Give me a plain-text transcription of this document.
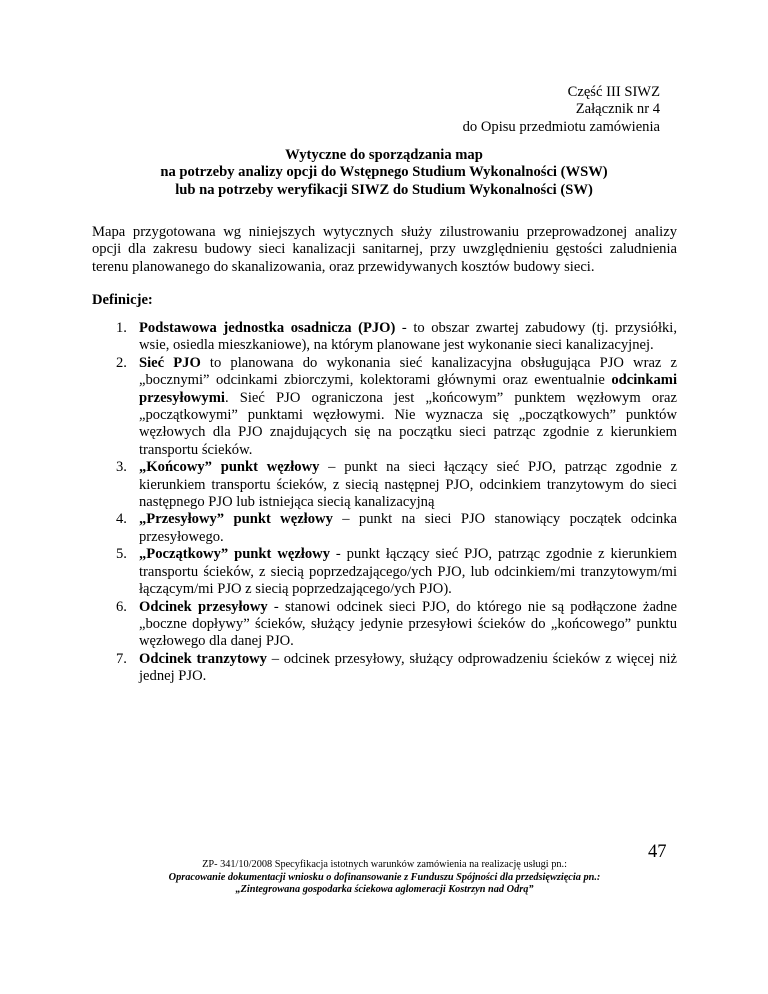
Część III SIWZ
Załącznik nr 4
do Opisu przedmiotu zamówienia
Wytyczne do sporządzania map
na potrzeby analizy opcji do Wstępnego Studium Wykonalności (WSW)
lub na potrzeby weryfikacji SIWZ do Studium Wykonalności (SW)

Mapa przygotowana wg niniejszych wytycznych służy zilustrowaniu przeprowadzonej analizy opcji dla zakresu budowy sieci kanalizacji sanitarnej, przy uwzględnieniu gęstości zaludnienia terenu planowanego do skanalizowania, oraz przewidywanych kosztów budowy sieci.

Definicje:
1. Podstawowa jednostka osadnicza (PJO) - to obszar zwartej zabudowy (tj. przysiółki, wsie, osiedla mieszkaniowe), na którym planowane jest wykonanie sieci kanalizacyjnej.
2. Sieć PJO to planowana do wykonania sieć kanalizacyjna obsługująca PJO wraz z „bocznymi” odcinkami zbiorczymi, kolektorami głównymi oraz ewentualnie odcinkami przesyłowymi. Sieć PJO ograniczona jest „końcowym” punktem węzłowym oraz „początkowymi” punktami węzłowymi. Nie wyznacza się „początkowych” punktów węzłowych dla PJO znajdujących się na początku sieci patrząc zgodnie z kierunkiem transportu ścieków.
3. „Końcowy” punkt węzłowy – punkt na sieci łączący sieć PJO, patrząc zgodnie z kierunkiem transportu ścieków, z siecią następnej PJO, odcinkiem tranzytowym do sieci następnego PJO lub istniejąca siecią kanalizacyjną
4. „Przesyłowy” punkt węzłowy – punkt na sieci PJO stanowiący początek odcinka przesyłowego.
5. „Początkowy” punkt węzłowy - punkt łączący sieć PJO, patrząc zgodnie z kierunkiem transportu ścieków, z siecią poprzedzającego/ych PJO, lub odcinkiem/mi tranzytowym/mi łączącym/mi PJO z siecią poprzedzającego/ych PJO).
6. Odcinek przesyłowy - stanowi odcinek sieci PJO, do którego nie są podłączone żadne „boczne dopływy” ścieków, służący jedynie przesyłowi ścieków do „końcowego” punktu węzłowego dla danej PJO.
7. Odcinek tranzytowy – odcinek przesyłowy, służący odprowadzeniu ścieków z więcej niż jednej PJO.
47
ZP- 341/10/2008 Specyfikacja istotnych warunków zamówienia na realizację usługi pn.:
Opracowanie dokumentacji wniosku o dofinansowanie z Funduszu Spójności dla przedsięwzięcia pn.:
„Zintegrowana gospodarka ściekowa aglomeracji Kostrzyn nad Odrą”
